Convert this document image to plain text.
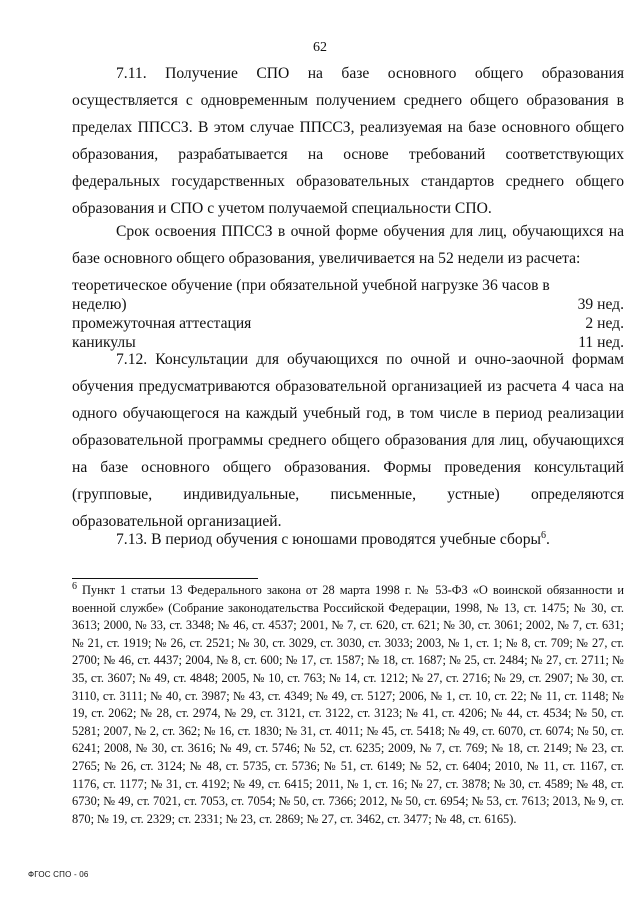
62

7.11. Получение СПО на базе основного общего образования осуществляется с одновременным получением среднего общего образования в пределах ППССЗ. В этом случае ППССЗ, реализуемая на базе основного общего образования, разрабатывается на основе требований соответствующих федеральных государственных образовательных стандартов среднего общего образования и СПО с учетом получаемой специальности СПО.

Срок освоения ППССЗ в очной форме обучения для лиц, обучающихся на базе основного общего образования, увеличивается на 52 недели из расчета:

теоретическое обучение (при обязательной учебной нагрузке 36 часов в неделю)	39 нед.
промежуточная аттестация	2 нед.
каникулы	11 нед.

7.12. Консультации для обучающихся по очной и очно-заочной формам обучения предусматриваются образовательной организацией из расчета 4 часа на одного обучающегося на каждый учебный год, в том числе в период реализации образовательной программы среднего общего образования для лиц, обучающихся на базе основного общего образования. Формы проведения консультаций (групповые, индивидуальные, письменные, устные) определяются образовательной организацией.

7.13. В период обучения с юношами проводятся учебные сборы$^6$.

$^6$ Пункт 1 статьи 13 Федерального закона от 28 марта 1998 г. № 53-ФЗ «О воинской обязанности и военной службе» (Собрание законодательства Российской Федерации, 1998, № 13, ст. 1475; № 30, ст. 3613; 2000, № 33, ст. 3348; № 46, ст. 4537; 2001, № 7, ст. 620, ст. 621; № 30, ст. 3061; 2002, № 7, ст. 631; № 21, ст. 1919; № 26, ст. 2521; № 30, ст. 3029, ст. 3030, ст. 3033; 2003, № 1, ст. 1; № 8, ст. 709; № 27, ст. 2700; № 46, ст. 4437; 2004, № 8, ст. 600; № 17, ст. 1587; № 18, ст. 1687; № 25, ст. 2484; № 27, ст. 2711; № 35, ст. 3607; № 49, ст. 4848; 2005, № 10, ст. 763; № 14, ст. 1212; № 27, ст. 2716; № 29, ст. 2907; № 30, ст. 3110, ст. 3111; № 40, ст. 3987; № 43, ст. 4349; № 49, ст. 5127; 2006, № 1, ст. 10, ст. 22; № 11, ст. 1148; № 19, ст. 2062; № 28, ст. 2974, № 29, ст. 3121, ст. 3122, ст. 3123; № 41, ст. 4206; № 44, ст. 4534; № 50, ст. 5281; 2007, № 2, ст. 362; № 16, ст. 1830; № 31, ст. 4011; № 45, ст. 5418; № 49, ст. 6070, ст. 6074; № 50, ст. 6241; 2008, № 30, ст. 3616; № 49, ст. 5746; № 52, ст. 6235; 2009, № 7, ст. 769; № 18, ст. 2149; № 23, ст. 2765; № 26, ст. 3124; № 48, ст. 5735, ст. 5736; № 51, ст. 6149; № 52, ст. 6404; 2010, № 11, ст. 1167, ст. 1176, ст. 1177; № 31, ст. 4192; № 49, ст. 6415; 2011, № 1, ст. 16; № 27, ст. 3878; № 30, ст. 4589; № 48, ст. 6730; № 49, ст. 7021, ст. 7053, ст. 7054; № 50, ст. 7366; 2012, № 50, ст. 6954; № 53, ст. 7613; 2013, № 9, ст. 870; № 19, ст. 2329; ст. 2331; № 23, ст. 2869; № 27, ст. 3462, ст. 3477; № 48, ст. 6165).

ФГОС СПО - 06
